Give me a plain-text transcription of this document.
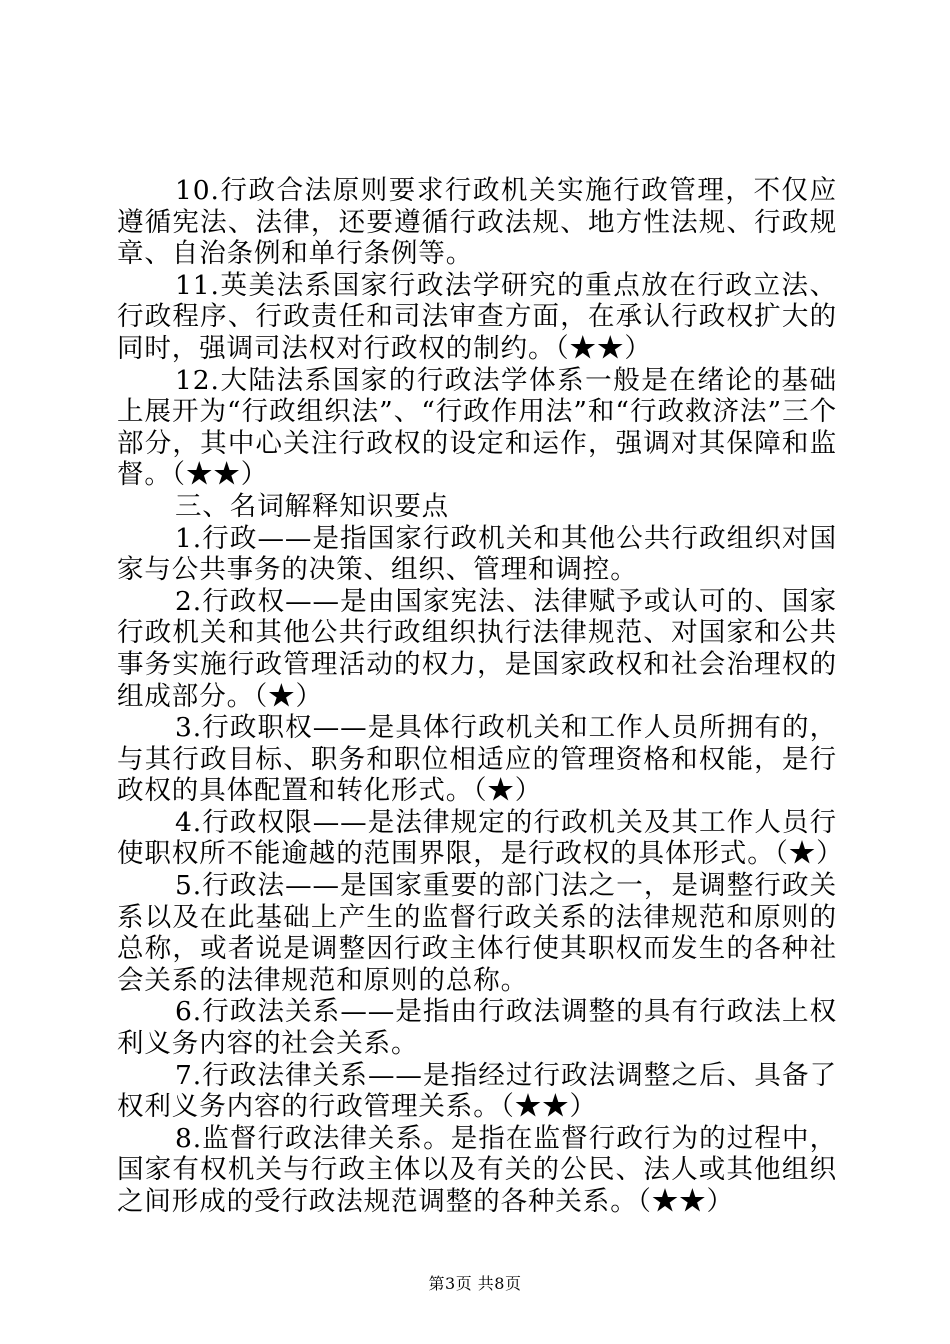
10.行政合法原则要求行政机关实施行政管理，不仅应遵循宪法、法律，还要遵循行政法规、地方性法规、行政规章、自治条例和单行条例等。

11.英美法系国家行政法学研究的重点放在行政立法、行政程序、行政责任和司法审查方面，在承认行政权扩大的同时，强调司法权对行政权的制约。（★★）

12.大陆法系国家的行政法学体系一般是在绪论的基础上展开为“行政组织法”、“行政作用法”和“行政救济法”三个部分，其中心关注行政权的设定和运作，强调对其保障和监督。（★★）

三、名词解释知识要点

1.行政——是指国家行政机关和其他公共行政组织对国家与公共事务的决策、组织、管理和调控。

2.行政权——是由国家宪法、法律赋予或认可的、国家行政机关和其他公共行政组织执行法律规范、对国家和公共事务实施行政管理活动的权力，是国家政权和社会治理权的组成部分。（★）

3.行政职权——是具体行政机关和工作人员所拥有的，与其行政目标、职务和职位相适应的管理资格和权能，是行政权的具体配置和转化形式。（★）

4.行政权限——是法律规定的行政机关及其工作人员行使职权所不能逾越的范围界限，是行政权的具体形式。（★）

5.行政法——是国家重要的部门法之一，是调整行政关系以及在此基础上产生的监督行政关系的法律规范和原则的总称，或者说是调整因行政主体行使其职权而发生的各种社会关系的法律规范和原则的总称。

6.行政法关系——是指由行政法调整的具有行政法上权利义务内容的社会关系。

7.行政法律关系——是指经过行政法调整之后、具备了权利义务内容的行政管理关系。（★★）

8.监督行政法律关系。是指在监督行政行为的过程中，国家有权机关与行政主体以及有关的公民、法人或其他组织之间形成的受行政法规范调整的各种关系。（★★）

第3页 共8页
